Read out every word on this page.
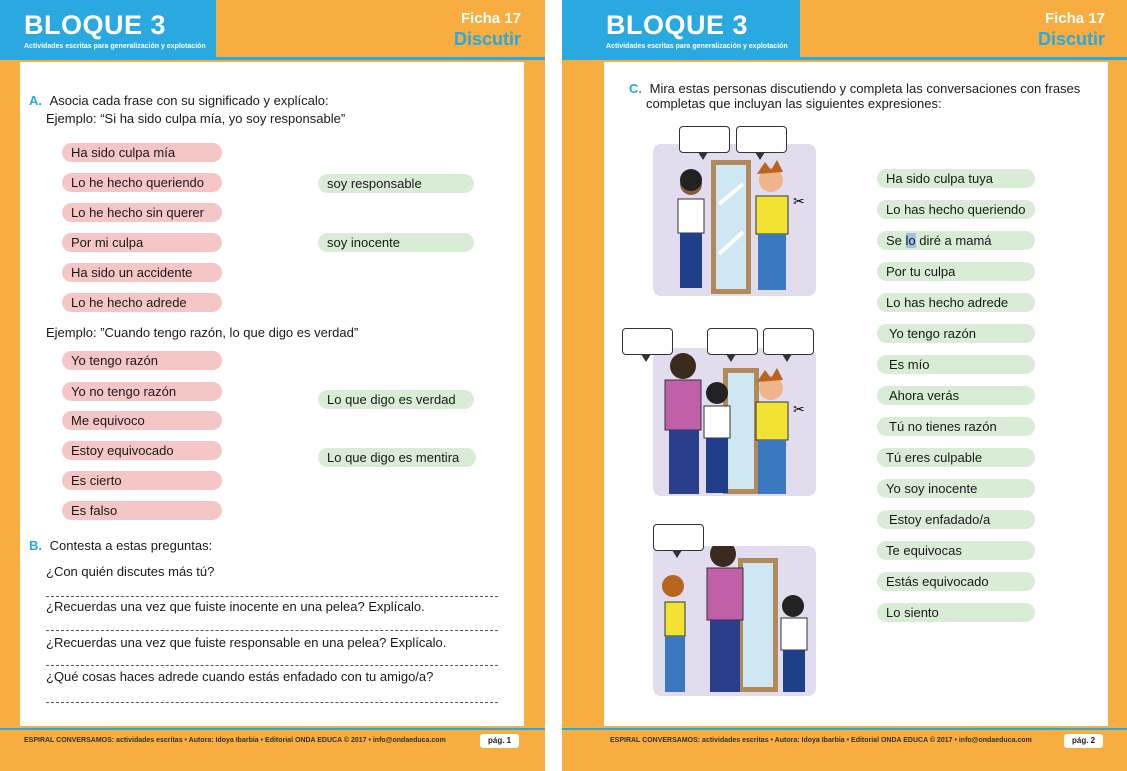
BLOQUE 3
Actividades escritas para generalización y explotación
Ficha 17
Discutir
A. Asocia cada frase con su significado y explícalo:
Ejemplo: “Si ha sido culpa mía, yo soy responsable”
Ha sido culpa mía
Lo he hecho queriendo
Lo he hecho sin querer
Por mi culpa
Ha sido un accidente
Lo he hecho adrede
soy responsable
soy inocente
Ejemplo: ”Cuando tengo razón, lo que digo es verdad”
Yo tengo razón
Yo no tengo razón
Me equivoco
Estoy equivocado
Es cierto
Es falso
Lo que digo es verdad
Lo que digo es mentira
B. Contesta a estas preguntas:
¿Con quién discutes más tú?
¿Recuerdas una vez que fuiste inocente en una pelea? Explícalo.
¿Recuerdas una vez que fuiste responsable en una pelea? Explícalo.
¿Qué cosas haces adrede cuando estás enfadado con tu amigo/a?
ESPIRAL CONVERSAMOS: actividades escritas • Autora: Idoya Ibarbia • Editorial ONDA EDUCA © 2017 • info@ondaeduca.com	pág. 1
BLOQUE 3
Actividades escritas para generalización y explotación
Ficha 17
Discutir
C. Mira estas personas discutiendo y completa las conversaciones con frases
completas que incluyan las siguientes expresiones:
✂
✂
Ha sido culpa tuya
Lo has hecho queriendo
Se lo diré a mamá
Por tu culpa
Lo has hecho adrede
Yo tengo razón
Es mío
Ahora verás
Tú no tienes razón
Tú eres culpable
Yo soy inocente
Estoy enfadado/a
Te equivocas
Estás equivocado
Lo siento
ESPIRAL CONVERSAMOS: actividades escritas • Autora: Idoya Ibarbia • Editorial ONDA EDUCA © 2017 • info@ondaeduca.com	pág. 2
